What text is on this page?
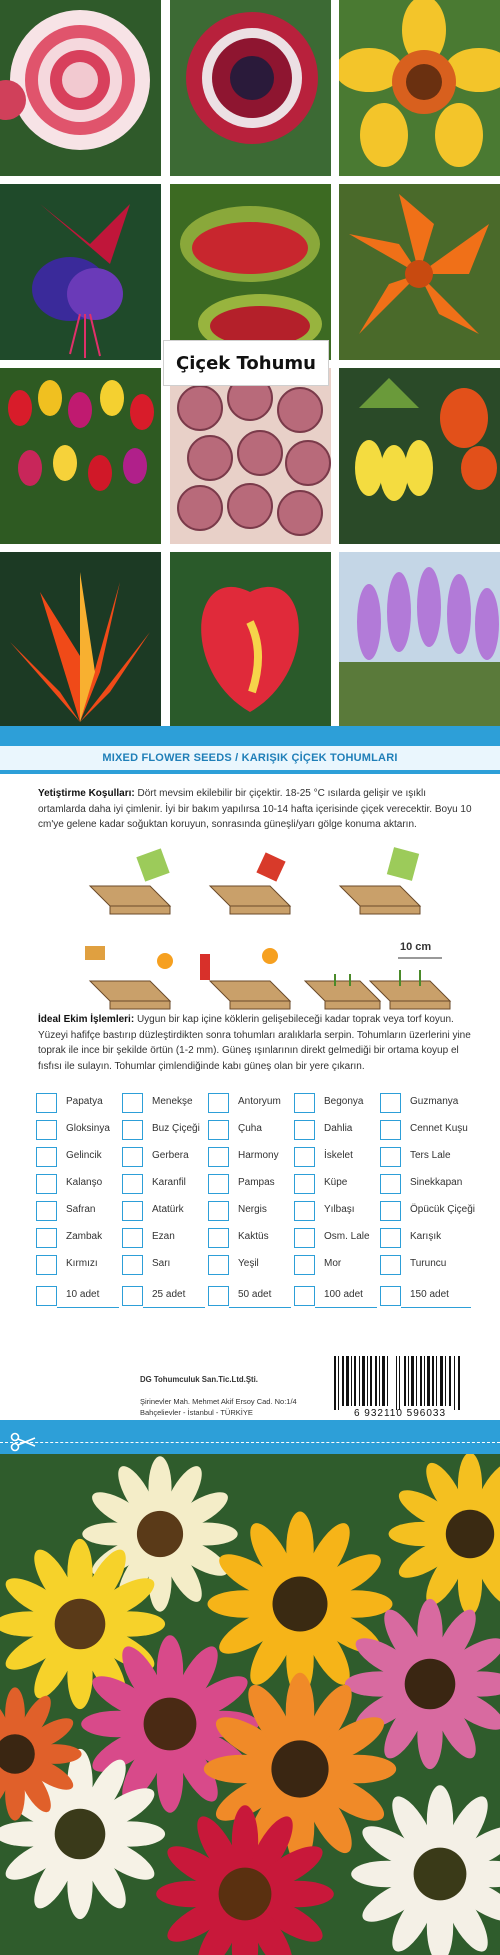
Çiçek Tohumu
MIXED FLOWER SEEDS / KARIŞIK ÇİÇEK TOHUMLARI

Yetiştirme Koşulları: Dört mevsim ekilebilir bir çiçektir. 18-25 °C ısılarda gelişir ve ışıklı ortamlarda daha iyi çimlenir. İyi bir bakım yapılırsa 10-14 hafta içerisinde çiçek verecektir. Boyu 10 cm'ye gelene kadar soğuktan koruyun, sonrasında güneşli/yarı gölge konuma aktarın.

10 cm

İdeal Ekim İşlemleri: Uygun bir kap içine köklerin gelişebileceği kadar toprak veya torf koyun. Yüzeyi hafifçe bastırıp düzleştirdikten sonra tohumları aralıklarla serpin. Tohumların üzerlerini yine toprak ile ince bir şekilde örtün (1-2 mm). Güneş ışınlarının direkt gelmediği bir ortama koyup el fısfısı ile sulayın. Tohumlar çimlendiğinde kabı güneş olan bir yere çıkarın.

Papatya	Menekşe	Antoryum	Begonya	Guzmanya
Gloksinya	Buz Çiçeği	Çuha	Dahlia	Cennet Kuşu
Gelincik	Gerbera	Harmony	İskelet	Ters Lale
Kalanşo	Karanfil	Pampas	Küpe	Sinekkapan
Safran	Atatürk	Nergis	Yılbaşı	Öpücük Çiçeği
Zambak	Ezan	Kaktüs	Osm. Lale	Karışık
Kırmızı	Sarı	Yeşil	Mor	Turuncu
10 adet	25 adet	50 adet	100 adet	150 adet
DG Tohumculuk San.Tic.Ltd.Şti.

Şirinevler Mah. Mehmet Akif Ersoy Cad. No:1/4
Bahçelievler - İstanbul - TÜRKİYE	6 932110 596033
